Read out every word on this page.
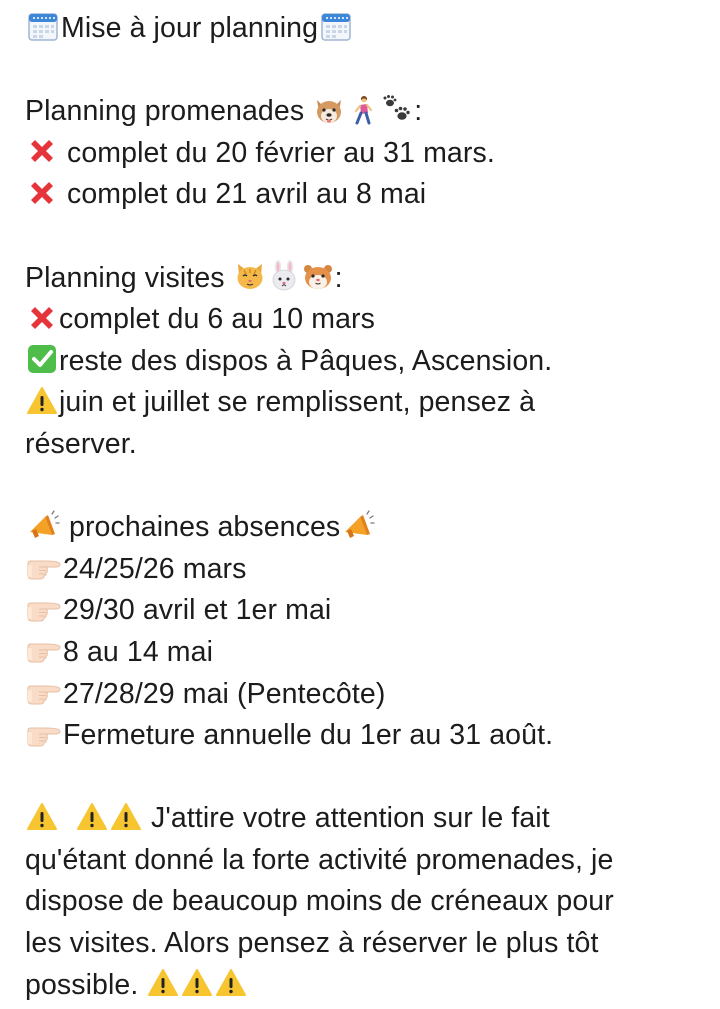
Mise à jour planning
Planning promenades	:
complet du 20 février au 31 mars.
complet du 21 avril au 8 mai
Planning visites	:
complet du 6 au 10 mars
reste des dispos à Pâques, Ascension.
juin et juillet se remplissent, pensez à
réserver.
prochaines absences
24/25/26 mars
29/30 avril et 1er mai
8 au 14 mai
27/28/29 mai (Pentecôte)
Fermeture annuelle du 1er au 31 août.
J'attire votre attention sur le fait
qu'étant donné la forte activité promenades, je
dispose de beaucoup moins de créneaux pour
les visites. Alors pensez à réserver le plus tôt
possible.
